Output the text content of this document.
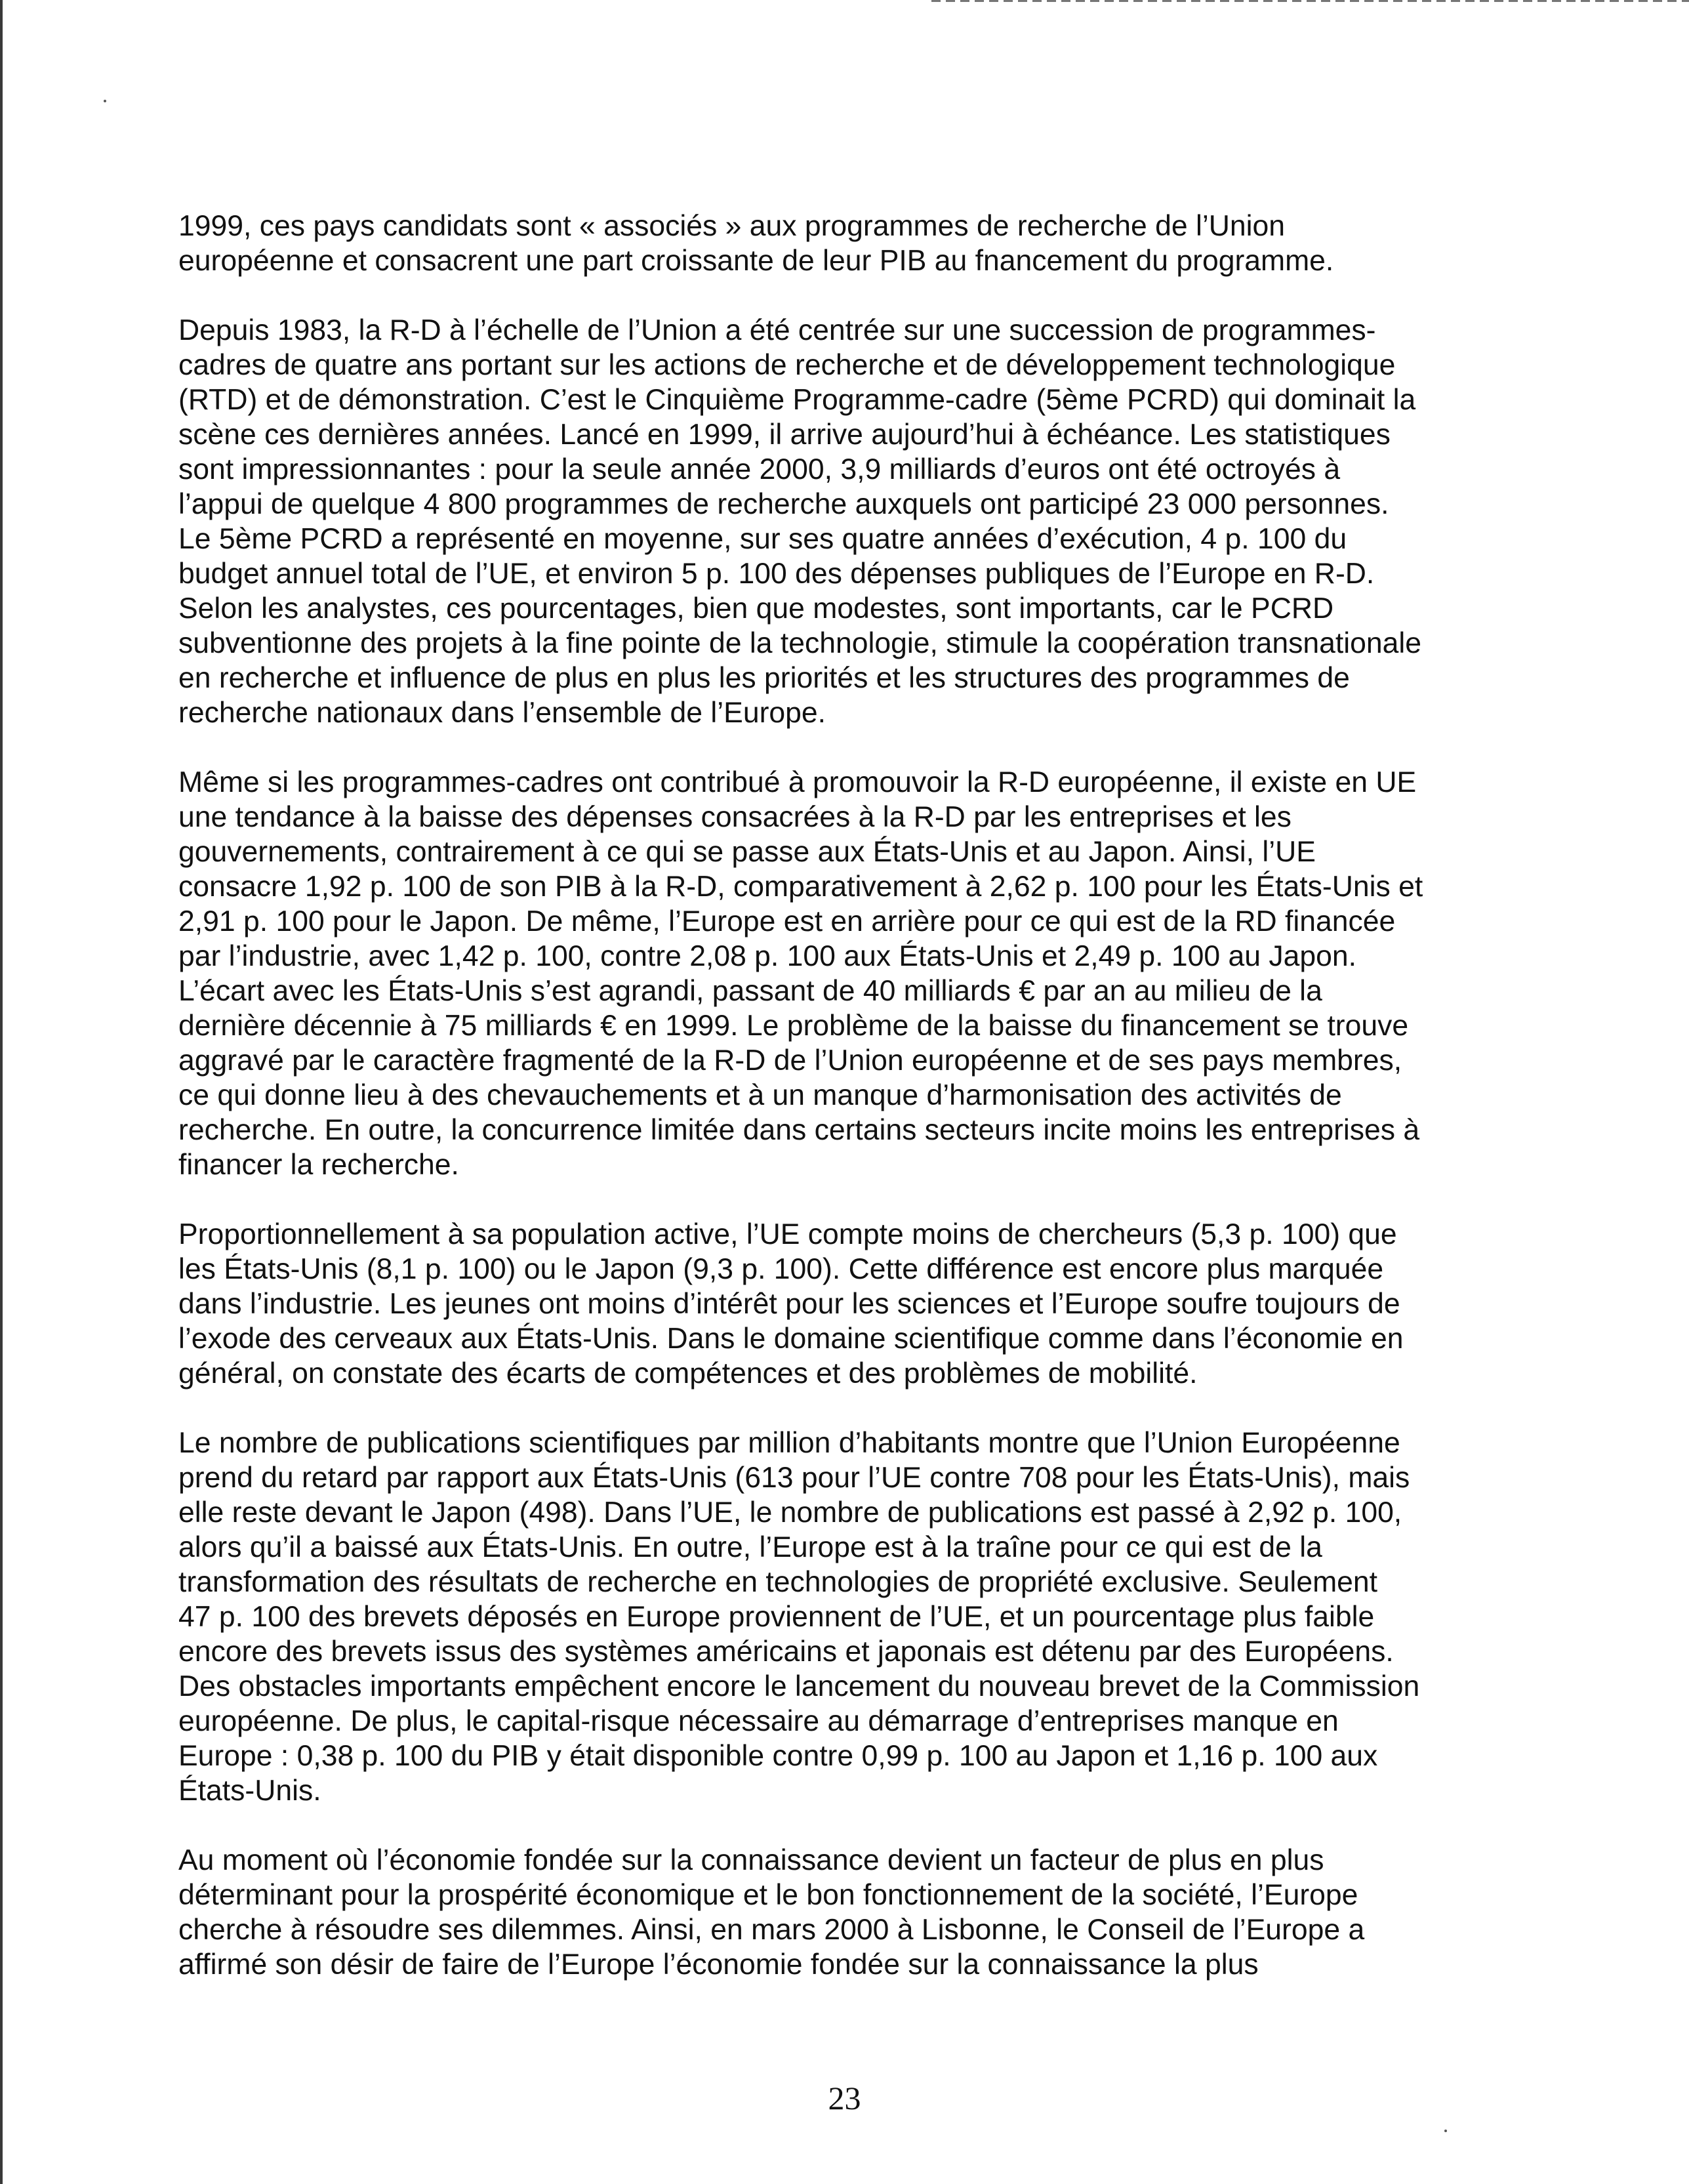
1999, ces pays candidats sont « associés » aux programmes de recherche de l’Union
européenne et consacrent une part croissante de leur PIB au fnancement du programme.
Depuis 1983, la R-D à l’échelle de l’Union a été centrée sur une succession de programmes-
cadres de quatre ans portant sur les actions de recherche et de développement technologique
(RTD) et de démonstration. C’est le Cinquième Programme-cadre (5ème PCRD) qui dominait la
scène ces dernières années. Lancé en 1999, il arrive aujourd’hui à échéance. Les statistiques
sont impressionnantes : pour la seule année 2000, 3,9 milliards d’euros ont été octroyés à
l’appui de quelque 4 800 programmes de recherche auxquels ont participé 23 000 personnes.
Le 5ème PCRD a représenté en moyenne, sur ses quatre années d’exécution, 4 p. 100 du
budget annuel total de l’UE, et environ 5 p. 100 des dépenses publiques de l’Europe en R-D.
Selon les analystes, ces pourcentages, bien que modestes, sont importants, car le PCRD
subventionne des projets à la fine pointe de la technologie, stimule la coopération transnationale
en recherche et influence de plus en plus les priorités et les structures des programmes de
recherche nationaux dans l’ensemble de l’Europe.
Même si les programmes-cadres ont contribué à promouvoir la R-D européenne, il existe en UE
une tendance à la baisse des dépenses consacrées à la R-D par les entreprises et les
gouvernements, contrairement à ce qui se passe aux États-Unis et au Japon. Ainsi, l’UE
consacre 1,92 p. 100 de son PIB à la R-D, comparativement à 2,62 p. 100 pour les États-Unis et
2,91 p. 100 pour le Japon. De même, l’Europe est en arrière pour ce qui est de la RD financée
par l’industrie, avec 1,42 p. 100, contre 2,08 p. 100 aux États-Unis et 2,49 p. 100 au Japon.
L’écart avec les États-Unis s’est agrandi, passant de 40 milliards € par an au milieu de la
dernière décennie à 75 milliards € en 1999. Le problème de la baisse du financement se trouve
aggravé par le caractère fragmenté de la R-D de l’Union européenne et de ses pays membres,
ce qui donne lieu à des chevauchements et à un manque d’harmonisation des activités de
recherche. En outre, la concurrence limitée dans certains secteurs incite moins les entreprises à
financer la recherche.
Proportionnellement à sa population active, l’UE compte moins de chercheurs (5,3 p. 100) que
les États-Unis (8,1 p. 100) ou le Japon (9,3 p. 100). Cette différence est encore plus marquée
dans l’industrie. Les jeunes ont moins d’intérêt pour les sciences et l’Europe soufre toujours de
l’exode des cerveaux aux États-Unis. Dans le domaine scientifique comme dans l’économie en
général, on constate des écarts de compétences et des problèmes de mobilité.
Le nombre de publications scientifiques par million d’habitants montre que l’Union Européenne
prend du retard par rapport aux États-Unis (613 pour l’UE contre 708 pour les États-Unis), mais
elle reste devant le Japon (498). Dans l’UE, le nombre de publications est passé à 2,92 p. 100,
alors qu’il a baissé aux États-Unis. En outre, l’Europe est à la traîne pour ce qui est de la
transformation des résultats de recherche en technologies de propriété exclusive. Seulement
47 p. 100 des brevets déposés en Europe proviennent de l’UE, et un pourcentage plus faible
encore des brevets issus des systèmes américains et japonais est détenu par des Européens.
Des obstacles importants empêchent encore le lancement du nouveau brevet de la Commission
européenne. De plus, le capital-risque nécessaire au démarrage d’entreprises manque en
Europe : 0,38 p. 100 du PIB y était disponible contre 0,99 p. 100 au Japon et 1,16 p. 100 aux
États-Unis.
Au moment où l’économie fondée sur la connaissance devient un facteur de plus en plus
déterminant pour la prospérité économique et le bon fonctionnement de la société, l’Europe
cherche à résoudre ses dilemmes. Ainsi, en mars 2000 à Lisbonne, le Conseil de l’Europe a
affirmé son désir de faire de l’Europe l’économie fondée sur la connaissance la plus
23
